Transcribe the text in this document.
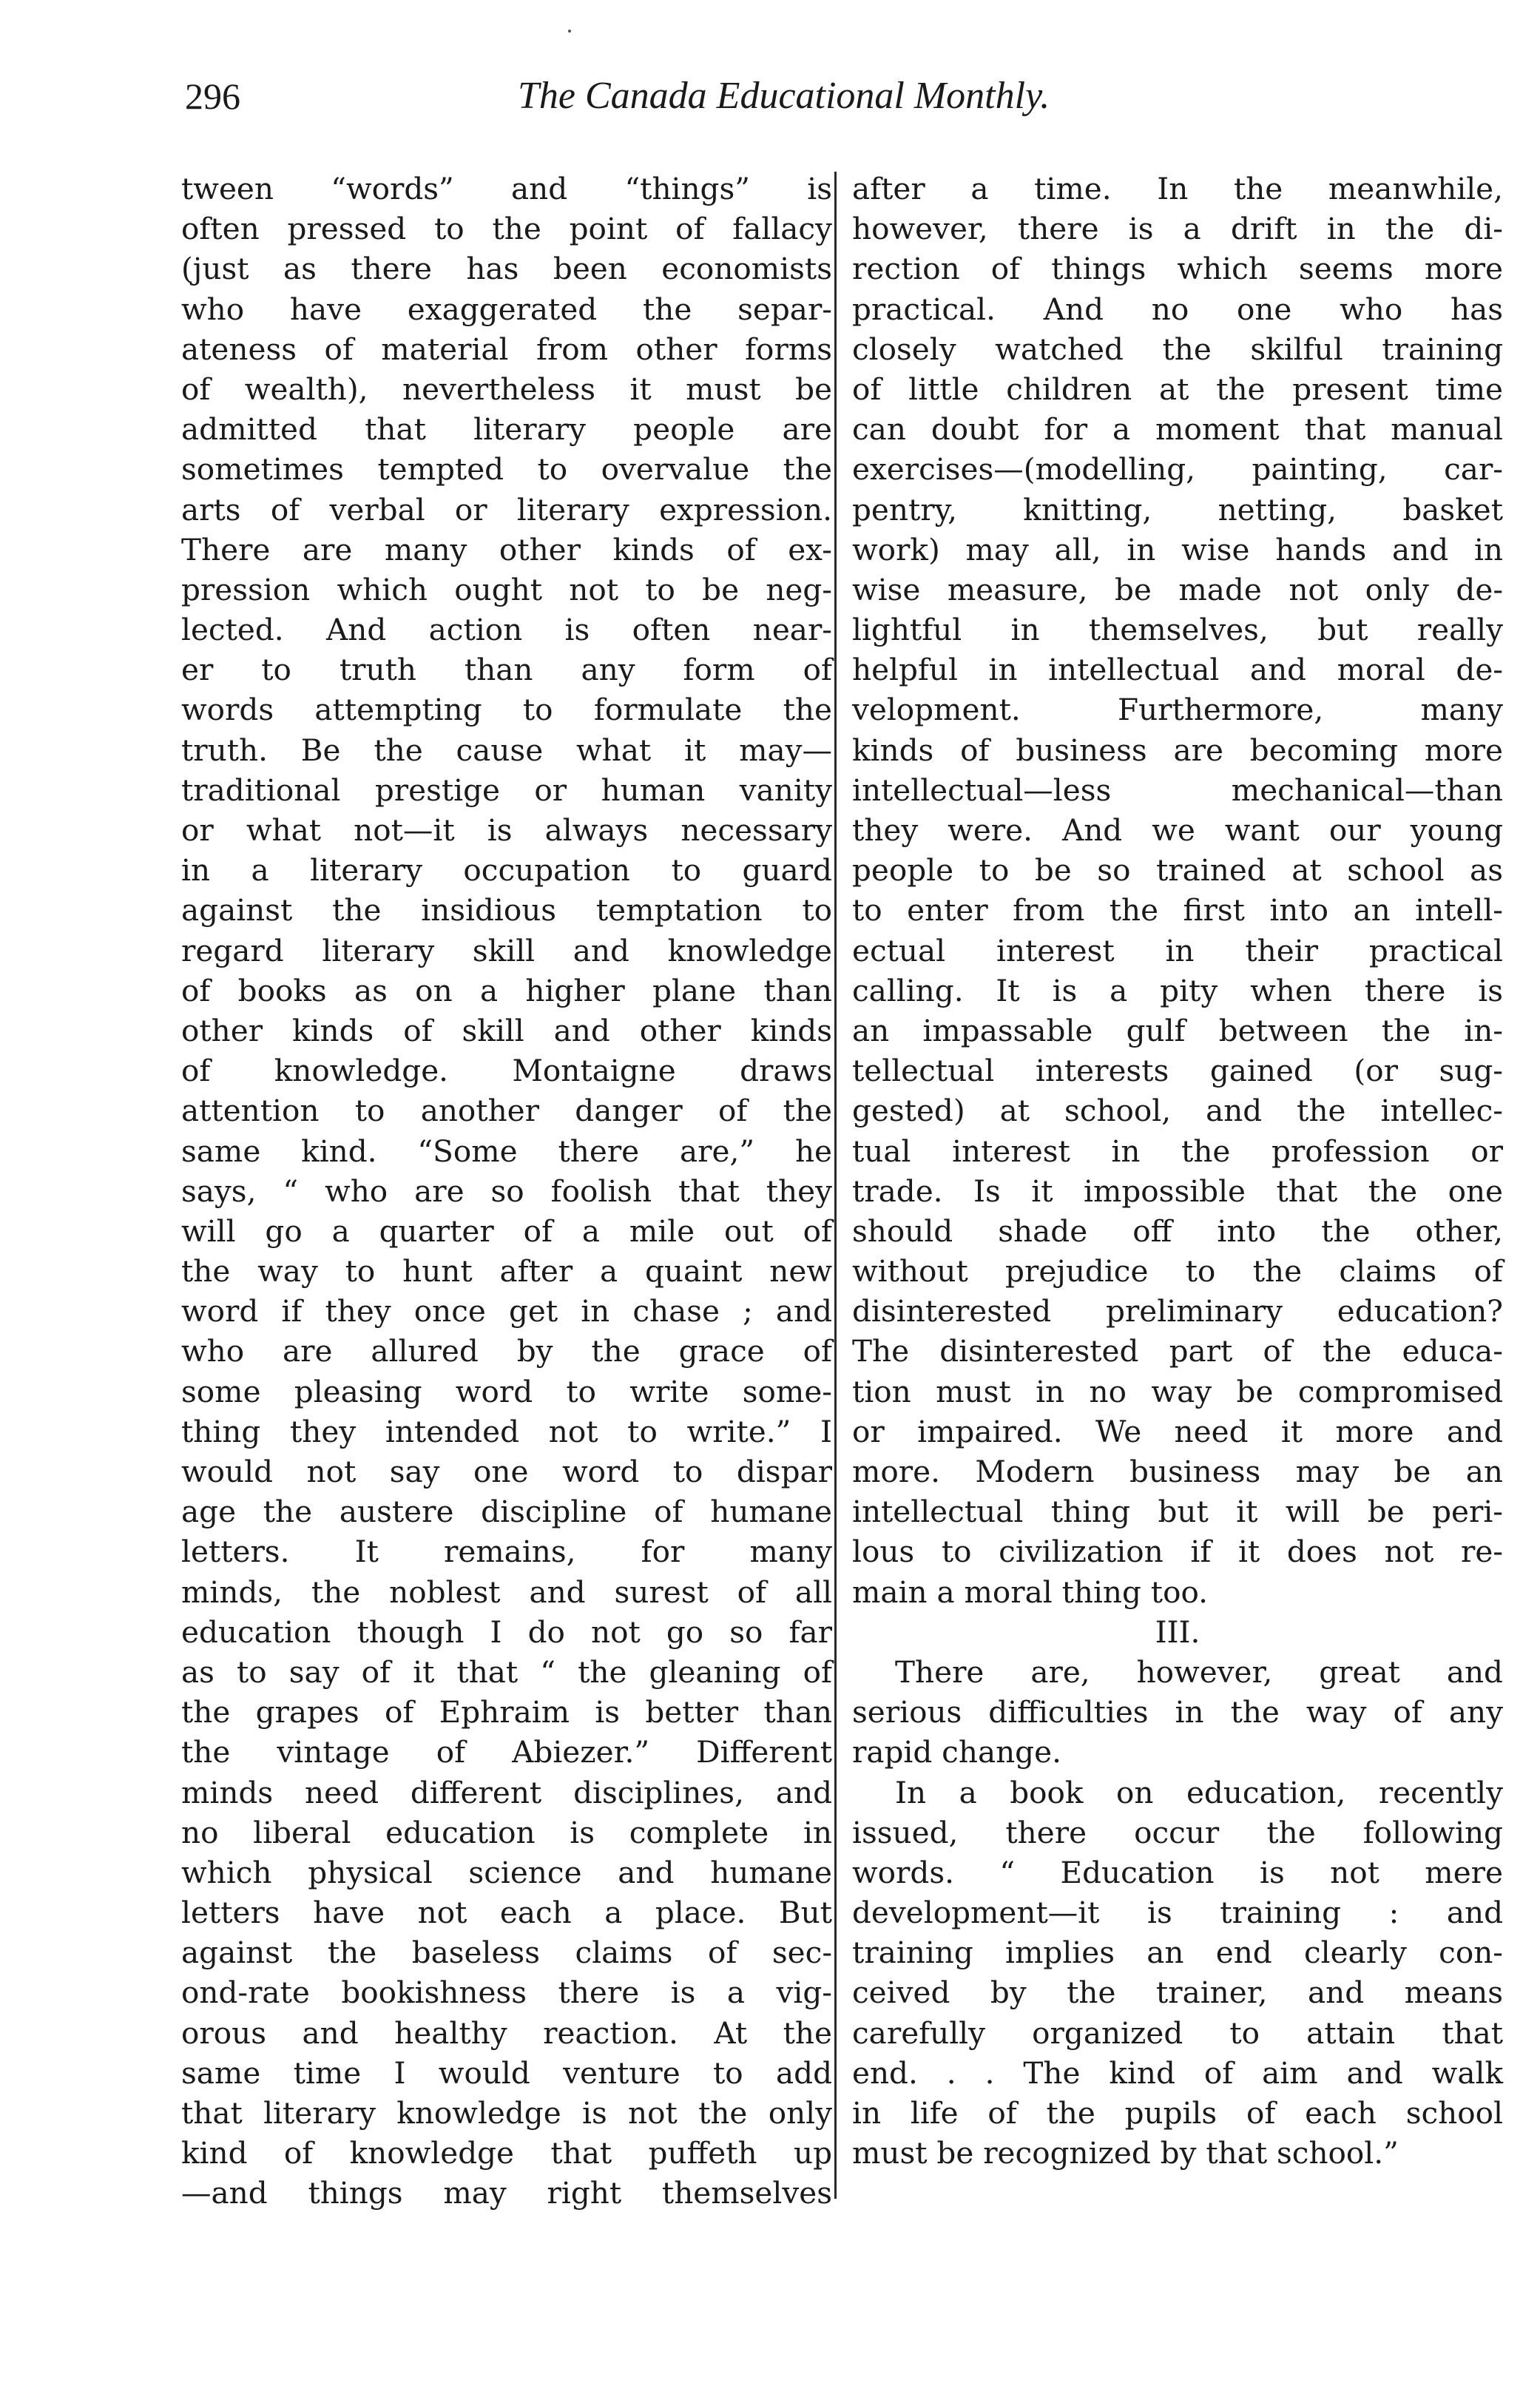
296	The Canada Educational Monthly.
tween “words” and “things” is
often pressed to the point of fallacy
(just as there has been economists
who have exaggerated the separ-
ateness of material from other forms
of wealth), nevertheless it must be
admitted that literary people are
sometimes tempted to overvalue the
arts of verbal or literary expression.
There are many other kinds of ex-
pression which ought not to be neg-
lected. And action is often near-
er to truth than any form of
words attempting to formulate the
truth. Be the cause what it may—
traditional prestige or human vanity
or what not—it is always necessary
in a literary occupation to guard
against the insidious temptation to
regard literary skill and knowledge
of books as on a higher plane than
other kinds of skill and other kinds
of knowledge. Montaigne draws
attention to another danger of the
same kind. “Some there are,” he
says, “ who are so foolish that they
will go a quarter of a mile out of
the way to hunt after a quaint new
word if they once get in chase ; and
who are allured by the grace of
some pleasing word to write some-
thing they intended not to write.” I
would not say one word to dispar
age the austere discipline of humane
letters. It remains, for many
minds, the noblest and surest of all
education though I do not go so far
as to say of it that “ the gleaning of
the grapes of Ephraim is better than
the vintage of Abiezer.” Different
minds need different disciplines, and
no liberal education is complete in
which physical science and humane
letters have not each a place. But
against the baseless claims of sec-
ond-rate bookishness there is a vig-
orous and healthy reaction. At the
same time I would venture to add
that literary knowledge is not the only
kind of knowledge that puffeth up
—and things may right themselves
after a time. In the meanwhile,
however, there is a drift in the di-
rection of things which seems more
practical. And no one who has
closely watched the skilful training
of little children at the present time
can doubt for a moment that manual
exercises—(modelling, painting, car-
pentry, knitting, netting, basket
work) may all, in wise hands and in
wise measure, be made not only de-
lightful in themselves, but really
helpful in intellectual and moral de-
velopment. Furthermore, many
kinds of business are becoming more
intellectual—less mechanical—than
they were. And we want our young
people to be so trained at school as
to enter from the first into an intell-
ectual interest in their practical
calling. It is a pity when there is
an impassable gulf between the in-
tellectual interests gained (or sug-
gested) at school, and the intellec-
tual interest in the profession or
trade. Is it impossible that the one
should shade off into the other,
without prejudice to the claims of
disinterested preliminary education?
The disinterested part of the educa-
tion must in no way be compromised
or impaired. We need it more and
more. Modern business may be an
intellectual thing but it will be peri-
lous to civilization if it does not re-
main a moral thing too.
III.
There are, however, great and
serious difficulties in the way of any
rapid change.
In a book on education, recently
issued, there occur the following
words. “ Education is not mere
development—it is training : and
training implies an end clearly con-
ceived by the trainer, and means
carefully organized to attain that
end. . . The kind of aim and walk
in life of the pupils of each school
must be recognized by that school.”
